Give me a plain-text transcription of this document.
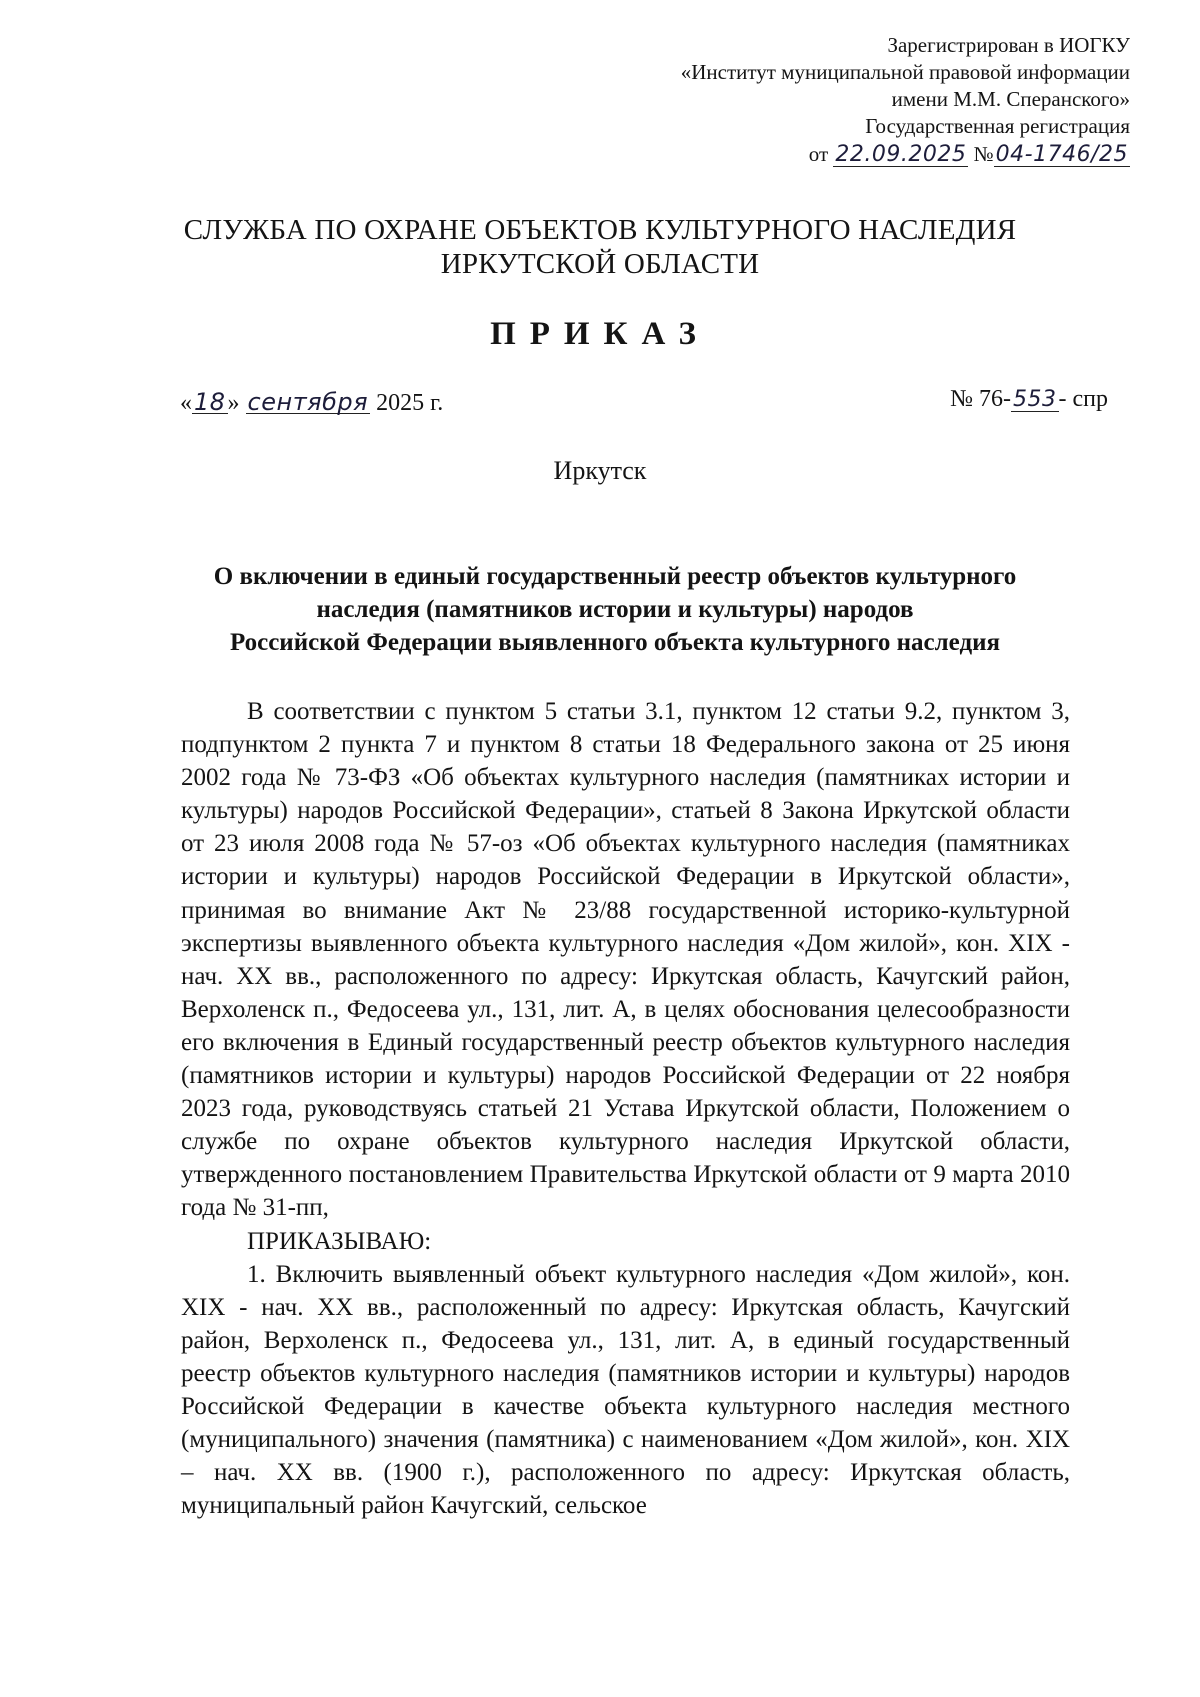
Зарегистрирован в ИОГКУ
«Институт муниципальной правовой информации
имени М.М. Сперанского»
Государственная регистрация
от 22.09.2025 №04-1746/25
СЛУЖБА ПО ОХРАНЕ ОБЪЕКТОВ КУЛЬТУРНОГО НАСЛЕДИЯ
ИРКУТСКОЙ ОБЛАСТИ
ПРИКАЗ
«18» сентября 2025 г.	№ 76-553- спр
Иркутск
О включении в единый государственный реестр объектов культурного
наследия (памятников истории и культуры) народов
Российской Федерации выявленного объекта культурного наследия

В соответствии с пунктом 5 статьи 3.1, пунктом 12 статьи 9.2, пунктом 3, подпунктом 2 пункта 7 и пунктом 8 статьи 18 Федерального закона от 25 июня 2002 года № 73-ФЗ «Об объектах культурного наследия (памятниках истории и культуры) народов Российской Федерации», статьей 8 Закона Иркутской области от 23 июля 2008 года № 57-оз «Об объектах культурного наследия (памятниках истории и культуры) народов Российской Федерации в Иркутской области», принимая во внимание Акт № 23/88 государственной историко-культурной экспертизы выявленного объекта культурного наследия «Дом жилой», кон. XIX - нач. XX вв., расположенного по адресу: Иркутская область, Качугский район, Верхоленск п., Федосеева ул., 131, лит. А, в целях обоснования целесообразности его включения в Единый государственный реестр объектов культурного наследия (памятников истории и культуры) народов Российской Федерации от 22 ноября 2023 года, руководствуясь статьей 21 Устава Иркутской области, Положением о службе по охране объектов культурного наследия Иркутской области, утвержденного постановлением Правительства Иркутской области от 9 марта 2010 года № 31-пп,

ПРИКАЗЫВАЮ:

1. Включить выявленный объект культурного наследия «Дом жилой», кон. XIX - нач. XX вв., расположенный по адресу: Иркутская область, Качугский район, Верхоленск п., Федосеева ул., 131, лит. А, в единый государственный реестр объектов культурного наследия (памятников истории и культуры) народов Российской Федерации в качестве объекта культурного наследия местного (муниципального) значения (памятника) с наименованием «Дом жилой», кон. XIX – нач. XX вв. (1900 г.), расположенного по адресу: Иркутская область, муниципальный район Качугский, сельское
